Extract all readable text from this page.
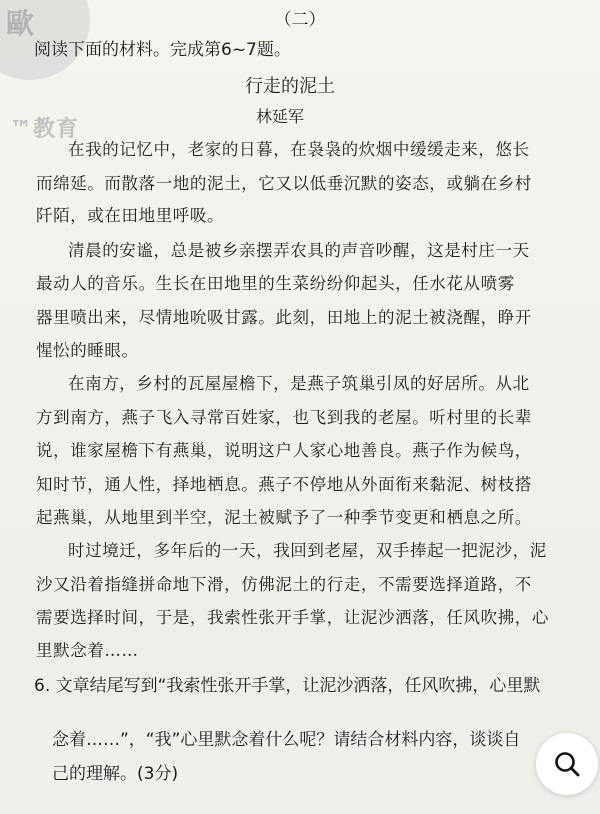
歐
™教育
（二）
阅读下面的材料。完成第6~7题。
行走的泥土
林延军
在我的记忆中，老家的日暮，在袅袅的炊烟中缓缓走来，悠长
而绵延。而散落一地的泥土，它又以低垂沉默的姿态，或躺在乡村
阡陌，或在田地里呼吸。
清晨的安谧，总是被乡亲摆弄农具的声音吵醒，这是村庄一天
最动人的音乐。生长在田地里的生菜纷纷仰起头，任水花从喷雾
器里喷出来，尽情地吮吸甘露。此刻，田地上的泥土被浇醒，睁开
惺忪的睡眼。
在南方，乡村的瓦屋屋檐下，是燕子筑巢引凤的好居所。从北
方到南方，燕子飞入寻常百姓家，也飞到我的老屋。听村里的长辈
说，谁家屋檐下有燕巢，说明这户人家心地善良。燕子作为候鸟，
知时节，通人性，择地栖息。燕子不停地从外面衔来黏泥、树枝搭
起燕巢，从地里到半空，泥土被赋予了一种季节变更和栖息之所。
时过境迁，多年后的一天，我回到老屋，双手捧起一把泥沙，泥
沙又沿着指缝拼命地下滑，仿佛泥土的行走，不需要选择道路，不
需要选择时间，于是，我索性张开手掌，让泥沙洒落，任风吹拂，心
里默念着……
6. 文章结尾写到“我索性张开手掌，让泥沙洒落，任风吹拂，心里默
念着……”，“我”心里默念着什么呢？请结合材料内容，谈谈自
己的理解。(3分)
